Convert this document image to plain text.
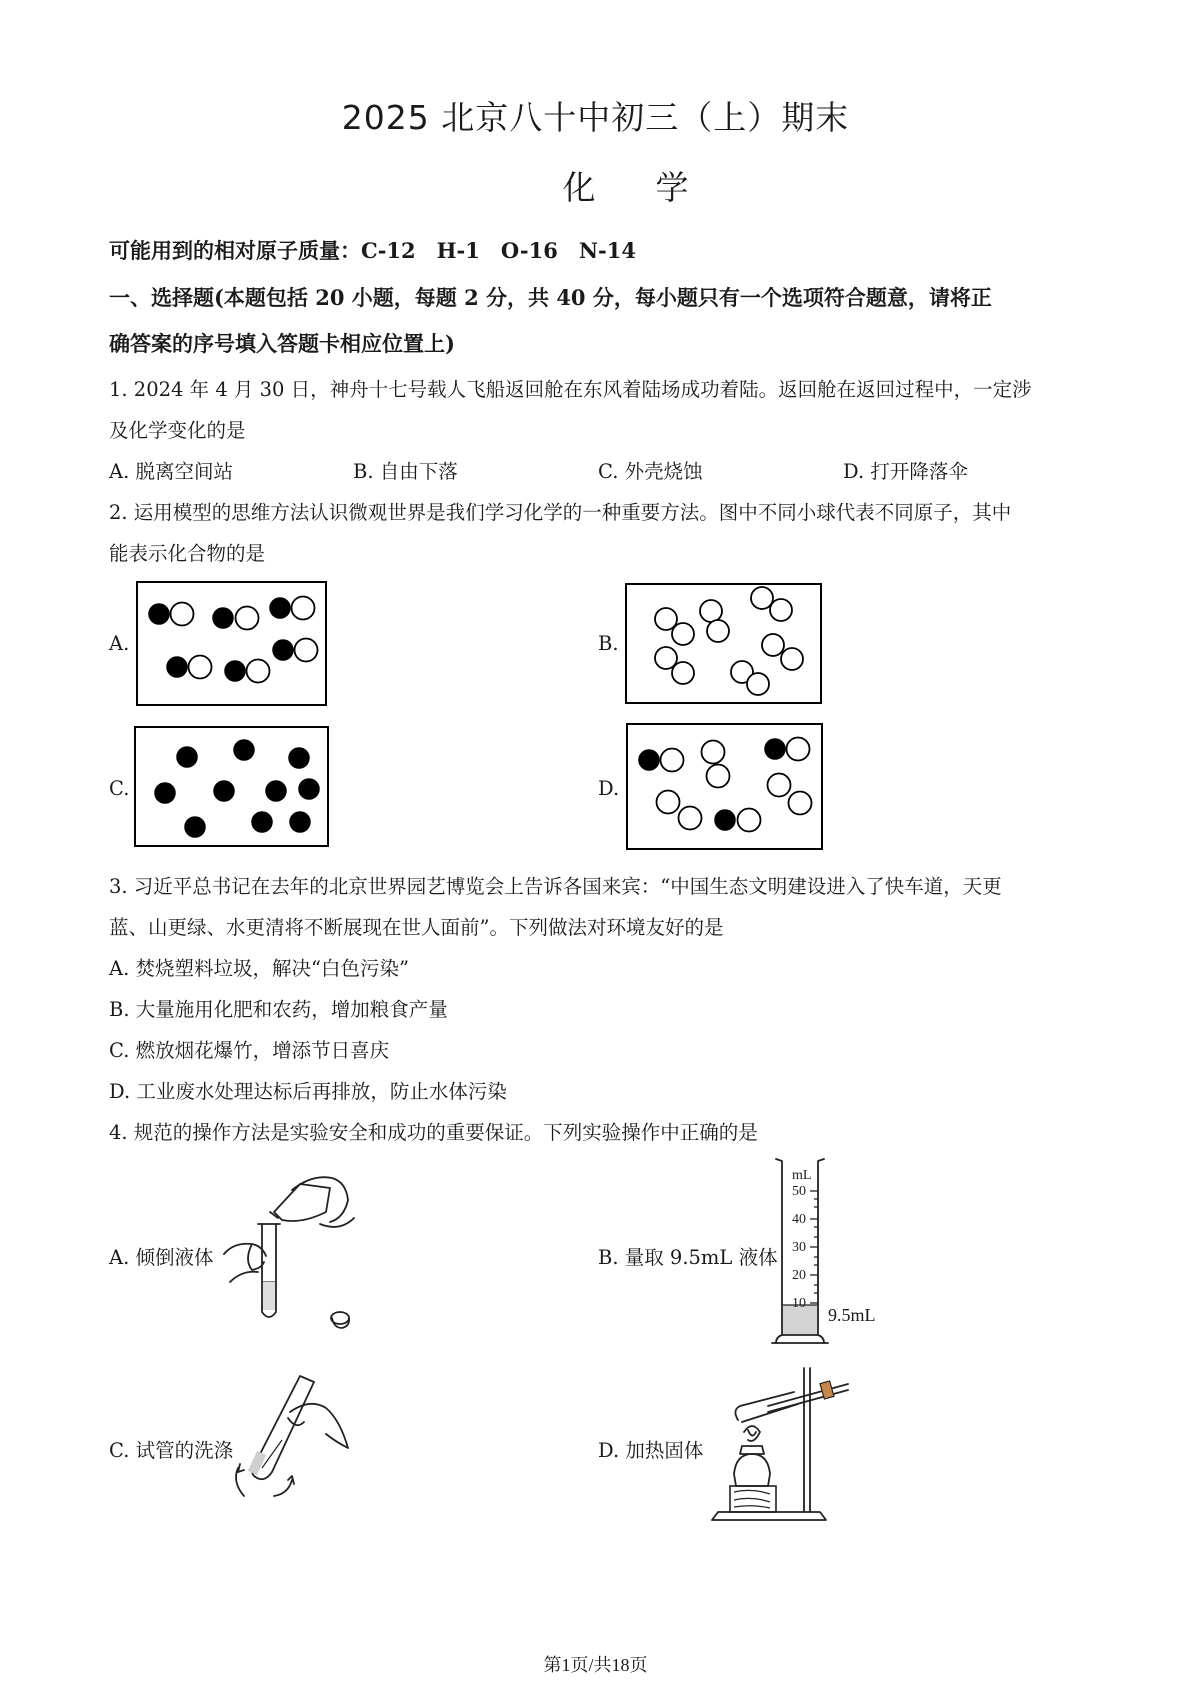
2025 北京八十中初三（上）期末
化学
可能用到的相对原子质量：C-12　H-1　O-16　N-14
一、选择题(本题包括 20 小题，每题 2 分，共 40 分，每小题只有一个选项符合题意，请将正
确答案的序号填入答题卡相应位置上)
1. 2024 年 4 月 30 日，神舟十七号载人飞船返回舱在东风着陆场成功着陆。返回舱在返回过程中，一定涉
及化学变化的是
A. 脱离空间站	B. 自由下落	C. 外壳烧蚀	D. 打开降落伞
2. 运用模型的思维方法认识微观世界是我们学习化学的一种重要方法。图中不同小球代表不同原子，其中
能表示化合物的是
A.	B.
C.	D.
3. 习近平总书记在去年的北京世界园艺博览会上告诉各国来宾：“中国生态文明建设进入了快车道，天更
蓝、山更绿、水更清将不断展现在世人面前”。下列做法对环境友好的是
A. 焚烧塑料垃圾，解决“白色污染”
B. 大量施用化肥和农药，增加粮食产量
C. 燃放烟花爆竹，增添节日喜庆
D. 工业废水处理达标后再排放，防止水体污染
4. 规范的操作方法是实验安全和成功的重要保证。下列实验操作中正确的是
A. 倾倒液体	B. 量取 9.5mL 液体
C. 试管的洗涤	D. 加热固体
mL
50
40
30
20
10
9.5mL
第1页/共18页
